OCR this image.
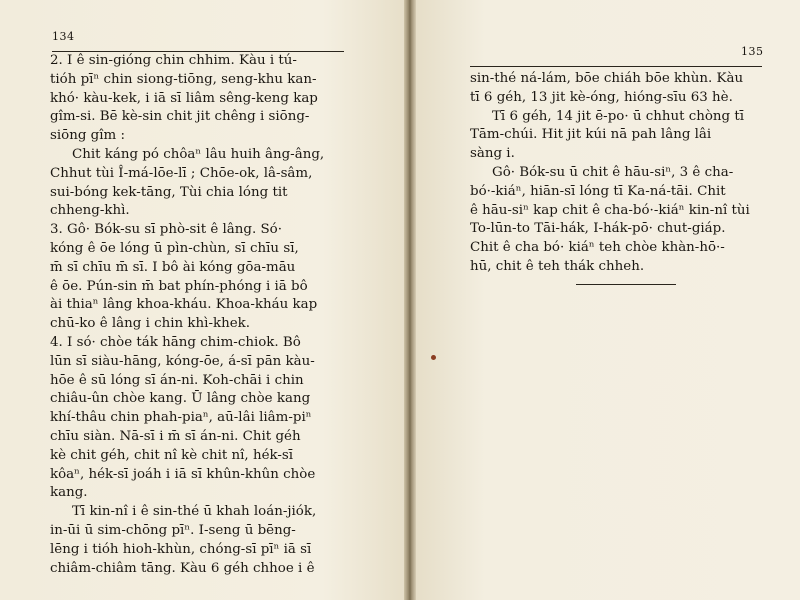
134
2. I ê sin-gióng chin chhim. Kàu i tú-
tióh pīⁿ chin siong-tiōng, seng-khu kan-
khó· kàu-kek, i iā sī liâm sêng-keng kap
gîm-si. Bē kè-sin chit jit chêng i siōng-
siōng gîm :
Chit káng pó chôaⁿ lâu huih âng-âng,
Chhut tùi Î-má-lōe-lī ; Chōe-ok, lâ-sâm,
sui-bóng kek-tāng, Tùi chia lóng tit
chheng-khì.
3. Gô· Bók-su sī phò-sit ê lâng. Só·
kóng ê ōe lóng ū pìn-chùn, sī chīu sī,
m̄ sī chīu m̄ sī. I bô ài kóng gōa-māu
ê ōe. Pún-sin m̄ bat phín-phóng i iā bô
ài thiaⁿ lâng khoa-kháu. Khoa-kháu kap
chū-ko ê lâng i chin khì-khek.
4. I só· chòe ták hāng chim-chiok. Bô
lūn sī siàu-hāng, kóng-ōe, á-sī pān kàu-
hōe ê sū lóng sī án-ni. Koh-chāi i chin
chiâu-ûn chòe kang. Ū lâng chòe kang
khí-thâu chin phah-piaⁿ, aū-lâi liâm-piⁿ
chīu siàn. Nā-sī i m̄ sī án-ni. Chit géh
kè chit géh, chit nî kè chit nî, hék-sī
kôaⁿ, hék-sī joáh i iā sī khûn-khûn chòe
kang.
Tī kin-nî i ê sin-thé ū khah loán-jiók,
in-ūi ū sim-chōng pīⁿ. I-seng ū bēng-
lēng i tióh hioh-khùn, chóng-sī pīⁿ iā sī
chiâm-chiâm tāng. Kàu 6 géh chhoe i ê
135
sin-thé ná-lám, bōe chiáh bōe khùn. Kàu
tī 6 géh, 13 jit kè-óng, hióng-sīu 63 hè.
Tī 6 géh, 14 jit ē-po· ū chhut chòng tī
Tām-chúi. Hit jit kúi nā pah lâng lâi
sàng i.
Gô· Bók-su ū chit ê hāu-siⁿ, 3 ê cha-
bó·-kiáⁿ, hiān-sī lóng tī Ka-ná-tāi. Chit
ê hāu-siⁿ kap chit ê cha-bó·-kiáⁿ kin-nî tùi
To-lūn-to Tāi-hák, I-hák-pō· chut-giáp.
Chit ê cha bó· kiáⁿ teh chòe khàn-hō·-
hū, chit ê teh thák chheh.
